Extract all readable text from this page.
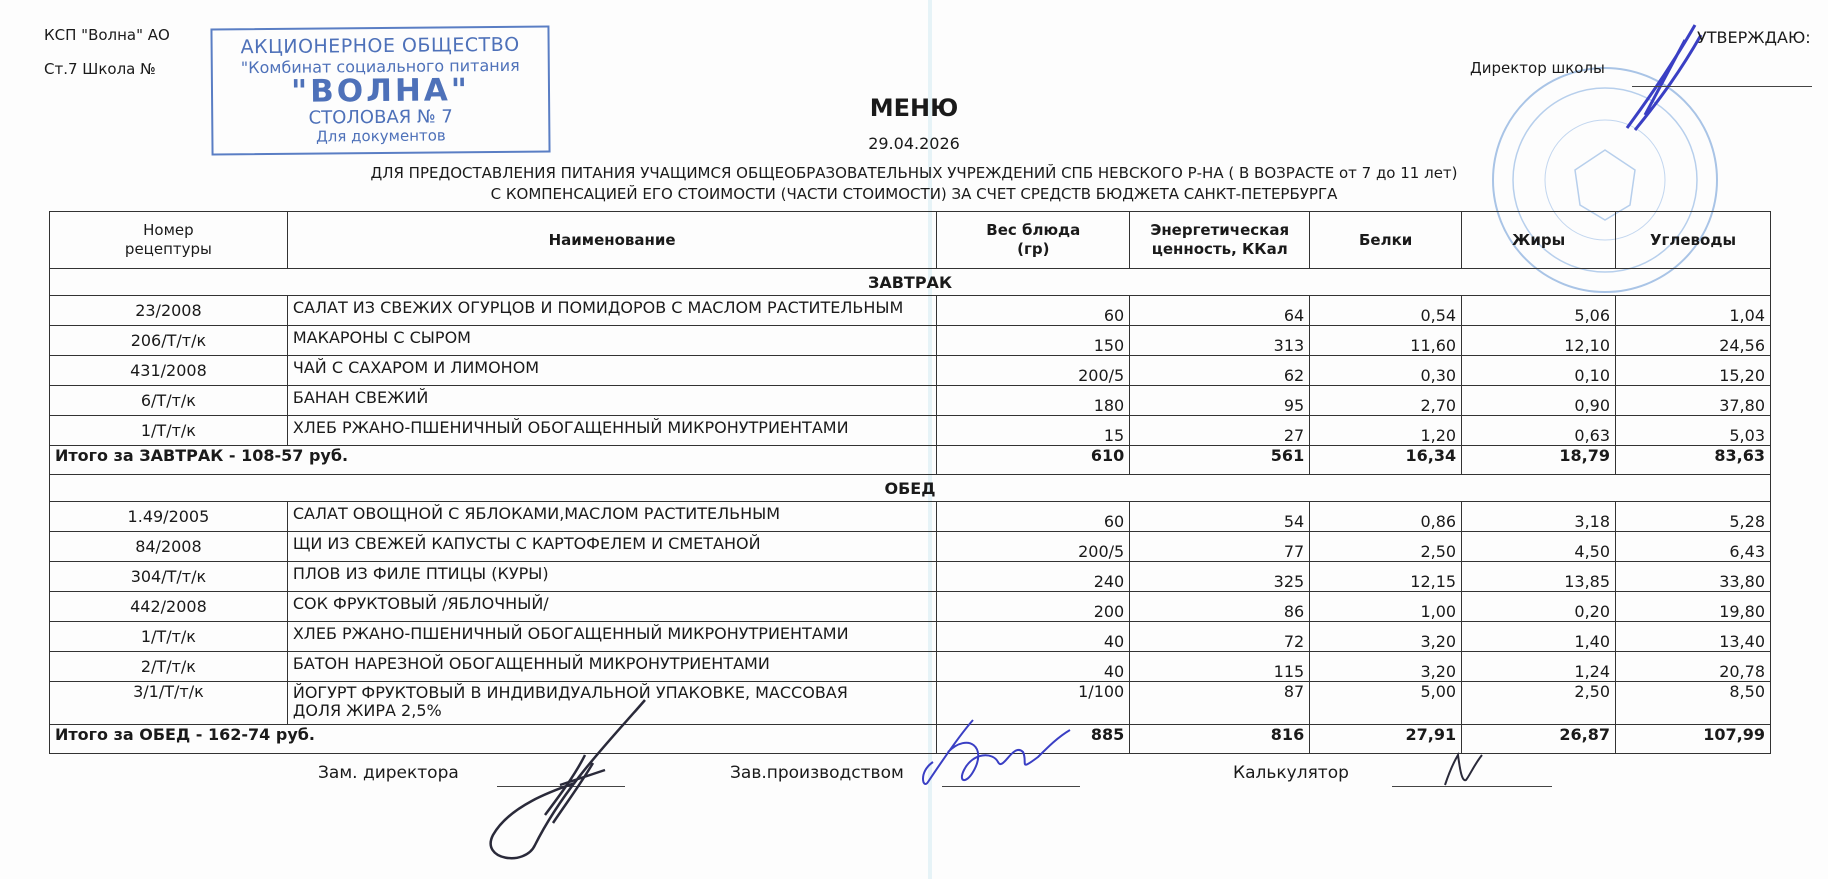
КСП "Волна" АО
Ст.7 Школа №
АКЦИОНЕРНОЕ ОБЩЕСТВО
"Комбинат социального питания
"ВОЛНА"
СТОЛОВАЯ № 7
Для документов
УТВЕРЖДАЮ:
Директор школы
МЕНЮ
29.04.2026
ДЛЯ ПРЕДОСТАВЛЕНИЯ ПИТАНИЯ УЧАЩИМСЯ ОБЩЕОБРАЗОВАТЕЛЬНЫХ УЧРЕЖДЕНИЙ СПБ НЕВСКОГО Р-НА ( В ВОЗРАСТЕ от 7 до 11 лет)
С КОМПЕНСАЦИЕЙ ЕГО СТОИМОСТИ (ЧАСТИ СТОИМОСТИ) ЗА СЧЕТ СРЕДСТВ БЮДЖЕТА САНКТ-ПЕТЕРБУРГА
Номер
рецептуры	Наименование	Вес блюда
(гр)	Энергетическая
ценность, ККал	Белки	Жиры	Углеводы
ЗАВТРАК						
23/2008	САЛАТ ИЗ СВЕЖИХ ОГУРЦОВ И ПОМИДОРОВ С МАСЛОМ РАСТИТЕЛЬНЫМ	60	64	0,54	5,06	1,04
206/Т/т/к	МАКАРОНЫ С СЫРОМ	150	313	11,60	12,10	24,56
431/2008	ЧАЙ С САХАРОМ И ЛИМОНОМ	200/5	62	0,30	0,10	15,20
6/Т/т/к	БАНАН СВЕЖИЙ	180	95	2,70	0,90	37,80
1/Т/т/к	ХЛЕБ РЖАНО-ПШЕНИЧНЫЙ ОБОГАЩЕННЫЙ МИКРОНУТРИЕНТАМИ	15	27	1,20	0,63	5,03
Итого за ЗАВТРАК - 108-57 руб.		610	561	16,34	18,79	83,63
ОБЕД						
1.49/2005	САЛАТ ОВОЩНОЙ С ЯБЛОКАМИ,МАСЛОМ РАСТИТЕЛЬНЫМ	60	54	0,86	3,18	5,28
84/2008	ЩИ ИЗ СВЕЖЕЙ КАПУСТЫ С КАРТОФЕЛЕМ И СМЕТАНОЙ	200/5	77	2,50	4,50	6,43
304/Т/т/к	ПЛОВ ИЗ ФИЛЕ ПТИЦЫ (КУРЫ)	240	325	12,15	13,85	33,80
442/2008	СОК ФРУКТОВЫЙ /ЯБЛОЧНЫЙ/	200	86	1,00	0,20	19,80
1/Т/т/к	ХЛЕБ РЖАНО-ПШЕНИЧНЫЙ ОБОГАЩЕННЫЙ МИКРОНУТРИЕНТАМИ	40	72	3,20	1,40	13,40
2/Т/т/к	БАТОН НАРЕЗНОЙ ОБОГАЩЕННЫЙ МИКРОНУТРИЕНТАМИ	40	115	3,20	1,24	20,78
3/1/Т/т/к	ЙОГУРТ ФРУКТОВЫЙ В ИНДИВИДУАЛЬНОЙ УПАКОВКЕ, МАССОВАЯ
ДОЛЯ ЖИРА 2,5%	1/100	87	5,00	2,50	8,50
Итого за ОБЕД - 162-74 руб.		885	816	27,91	26,87	107,99
Зам. директора	Зав.производством	Калькулятор
